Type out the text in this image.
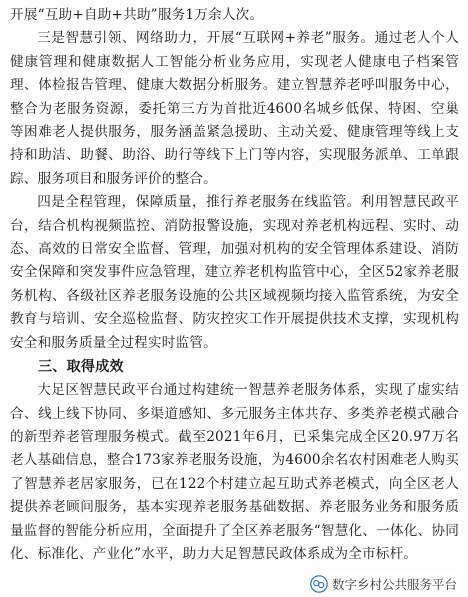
开展“互助+自助+共助”服务1万余人次。

三是智慧引领、网络助力，开展“互联网+养老”服务。通过老人个人健康管理和健康数据人工智能分析业务应用，实现老人健康电子档案管理、体检报告管理、健康大数据分析服务。建立智慧养老呼叫服务中心，整合为老服务资源，委托第三方为首批近4600名城乡低保、特困、空巢等困难老人提供服务，服务涵盖紧急援助、主动关爱、健康管理等线上支持和助洁、助餐、助浴、助行等线下上门等内容，实现服务派单、工单跟踪、服务项目和服务评价的整合。

四是全程管理，保障质量，推行养老服务在线监管。利用智慧民政平台，结合机构视频监控、消防报警设施，实现对养老机构远程、实时、动态、高效的日常安全监督、管理，加强对机构的安全管理体系建设、消防安全保障和突发事件应急管理，建立养老机构监管中心，全区52家养老服务机构、各级社区养老服务设施的公共区域视频均接入监管系统，为安全教育与培训、安全巡检监督、防灾控灾工作开展提供技术支撑，实现机构安全和服务质量全过程实时监管。

三、取得成效

大足区智慧民政平台通过构建统一智慧养老服务体系，实现了虚实结合、线上线下协同、多渠道感知、多元服务主体共存、多类养老模式融合的新型养老管理服务模式。截至2021年6月，已采集完成全区20.97万名老人基础信息，整合173家养老服务设施，为4600余名农村困难老人购买了智慧养老居家服务，已在122个村建立起互助式养老模式，向全区老人提供养老顾问服务，基本实现养老服务基础数据、养老服务业务和服务质量监督的智能分析应用，全面提升了全区养老服务“智慧化、一体化、协同化、标准化、产业化”水平，助力大足智慧民政体系成为全市标杆。

数字乡村公共服务平台
